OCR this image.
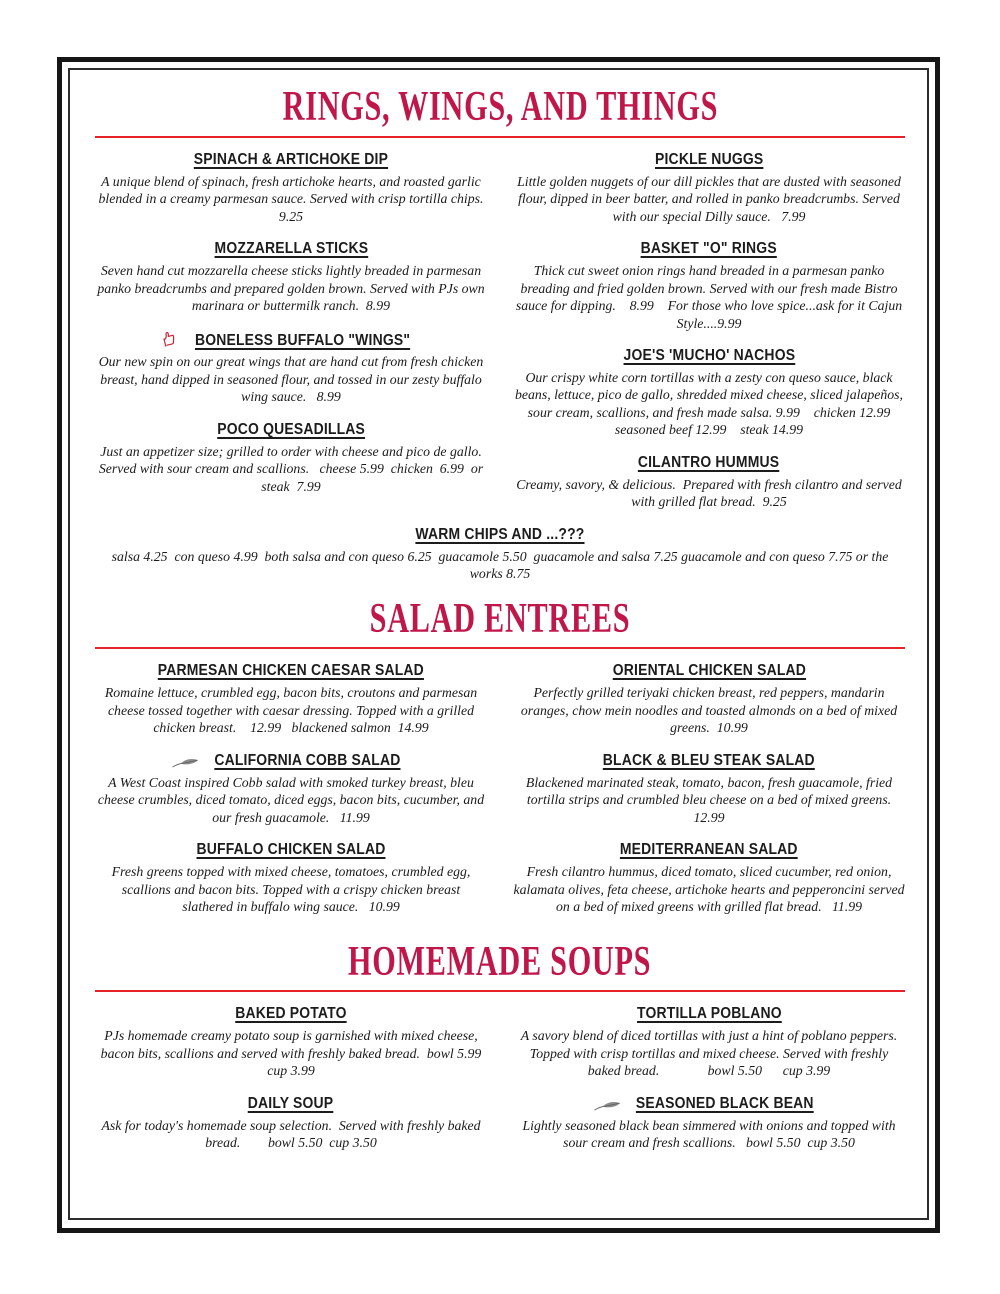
RINGS, WINGS, AND THINGS
SPINACH & ARTICHOKE DIP

A unique blend of spinach, fresh artichoke hearts, and roasted garlic blended in a creamy parmesan sauce. Served with crisp tortilla chips.  9.25

MOZZARELLA STICKS

Seven hand cut mozzarella cheese sticks lightly breaded in parmesan panko breadcrumbs and prepared golden brown. Served with PJs own marinara or buttermilk ranch.  8.99

BONELESS BUFFALO "WINGS"

Our new spin on our great wings that are hand cut from fresh chicken breast, hand dipped in seasoned flour, and tossed in our zesty buffalo wing sauce.   8.99

POCO QUESADILLAS

Just an appetizer size; grilled to order with cheese and pico de gallo.  Served with sour cream and scallions.   cheese 5.99  chicken  6.99  or steak  7.99

PICKLE NUGGS

Little golden nuggets of our dill pickles that are dusted with seasoned flour, dipped in beer batter, and rolled in panko breadcrumbs. Served with our special Dilly sauce.   7.99

BASKET "O" RINGS

Thick cut sweet onion rings hand breaded in a parmesan panko breading and fried golden brown. Served with our fresh made Bistro sauce for dipping.    8.99    For those who love spice...ask for it Cajun Style....9.99

JOE'S 'MUCHO' NACHOS

Our crispy white corn tortillas with a zesty con queso sauce, black beans, lettuce, pico de gallo, shredded mixed cheese, sliced jalapeños, sour cream, scallions, and fresh made salsa. 9.99    chicken 12.99    seasoned beef 12.99    steak 14.99

CILANTRO HUMMUS

Creamy, savory, & delicious.  Prepared with fresh cilantro and served with grilled flat bread.  9.25

WARM CHIPS AND ...???

salsa 4.25  con queso 4.99  both salsa and con queso 6.25  guacamole 5.50  guacamole and salsa 7.25 guacamole and con queso 7.75 or the works 8.75

SALAD ENTREES
PARMESAN CHICKEN CAESAR SALAD

Romaine lettuce, crumbled egg, bacon bits, croutons and parmesan cheese tossed together with caesar dressing. Topped with a grilled chicken breast.    12.99   blackened salmon  14.99

CALIFORNIA COBB SALAD

A West Coast inspired Cobb salad with smoked turkey breast, bleu cheese crumbles, diced tomato, diced eggs, bacon bits, cucumber, and our fresh guacamole.   11.99

BUFFALO CHICKEN SALAD

Fresh greens topped with mixed cheese, tomatoes, crumbled egg, scallions and bacon bits. Topped with a crispy chicken breast slathered in buffalo wing sauce.   10.99

ORIENTAL CHICKEN SALAD

Perfectly grilled teriyaki chicken breast, red peppers, mandarin oranges, chow mein noodles and toasted almonds on a bed of mixed greens.  10.99

BLACK & BLEU STEAK SALAD

Blackened marinated steak, tomato, bacon, fresh guacamole, fried tortilla strips and crumbled bleu cheese on a bed of mixed greens.     12.99

MEDITERRANEAN SALAD

Fresh cilantro hummus, diced tomato, sliced cucumber, red onion, kalamata olives, feta cheese, artichoke hearts and pepperoncini served on a bed of mixed greens with grilled flat bread.   11.99

HOMEMADE SOUPS
BAKED POTATO

PJs homemade creamy potato soup is garnished with mixed cheese, bacon bits, scallions and served with freshly baked bread.  bowl 5.99   cup 3.99

DAILY SOUP

Ask for today's homemade soup selection.  Served with freshly baked bread.        bowl 5.50  cup 3.50

TORTILLA POBLANO

A savory blend of diced tortillas with just a hint of poblano peppers. Topped with crisp tortillas and mixed cheese. Served with freshly baked bread.              bowl 5.50      cup 3.99

SEASONED BLACK BEAN

Lightly seasoned black bean simmered with onions and topped with sour cream and fresh scallions.   bowl 5.50  cup 3.50
